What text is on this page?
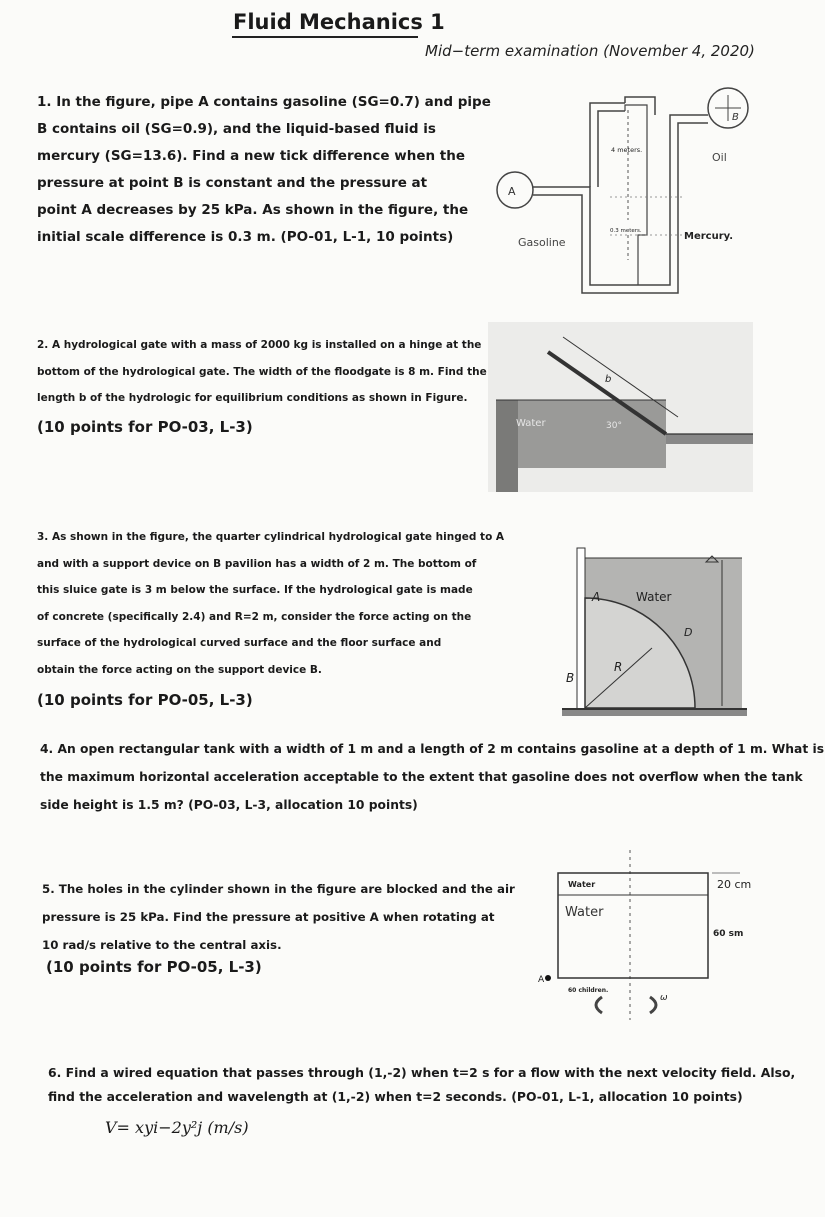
Fluid Mechanics 1
Mid−term examination (November 4, 2020)
1. In the figure, pipe A contains gasoline (SG=0.7) and pipe
B contains oil (SG=0.9), and the liquid-based fluid is
mercury (SG=13.6). Find a new tick difference when the
pressure at point B is constant and the pressure at
point A decreases by 25 kPa. As shown in the figure, the
initial scale difference is 0.3 m. (PO-01, L-1, 10 points)
A
B
4 meters.
0.3 meters.
Gasoline
Oil
Mercury.
2. A hydrological gate with a mass of 2000 kg is installed on a hinge at the
bottom of the hydrological gate. The width of the floodgate is 8 m. Find the
length b of the hydrologic for equilibrium conditions as shown in Figure.
(10 points for PO-03, L-3)
b
Water	30°
3. As shown in the figure, the quarter cylindrical hydrological gate hinged to A
and with a support device on B pavilion has a width of 2 m. The bottom of
this sluice gate is 3 m below the surface. If the hydrological gate is made
of concrete (specifically 2.4) and R=2 m, consider the force acting on the
surface of the hydrological curved surface and the floor surface and
obtain the force acting on the support device B.
(10 points for PO-05, L-3)
D
A
R
B
Water
4. An open rectangular tank with a width of 1 m and a length of 2 m contains gasoline at a depth of 1 m. What is
the maximum horizontal acceleration acceptable to the extent that gasoline does not overflow when the tank
side height is 1.5 m? (PO-03, L-3, allocation 10 points)
5. The holes in the cylinder shown in the figure are blocked and the air
pressure is 25 kPa. Find the pressure at positive A when rotating at
10 rad/s relative to the central axis.
(10 points for PO-05, L-3)
Water
Water
20 cm
60 sm
A
60 children.
ω
6. Find a wired equation that passes through (1,-2) when t=2 s for a flow with the next velocity field. Also,
find the acceleration and wavelength at (1,-2) when t=2 seconds. (PO-01, L-1, allocation 10 points)
V= xyi−2y²j (m/s)
